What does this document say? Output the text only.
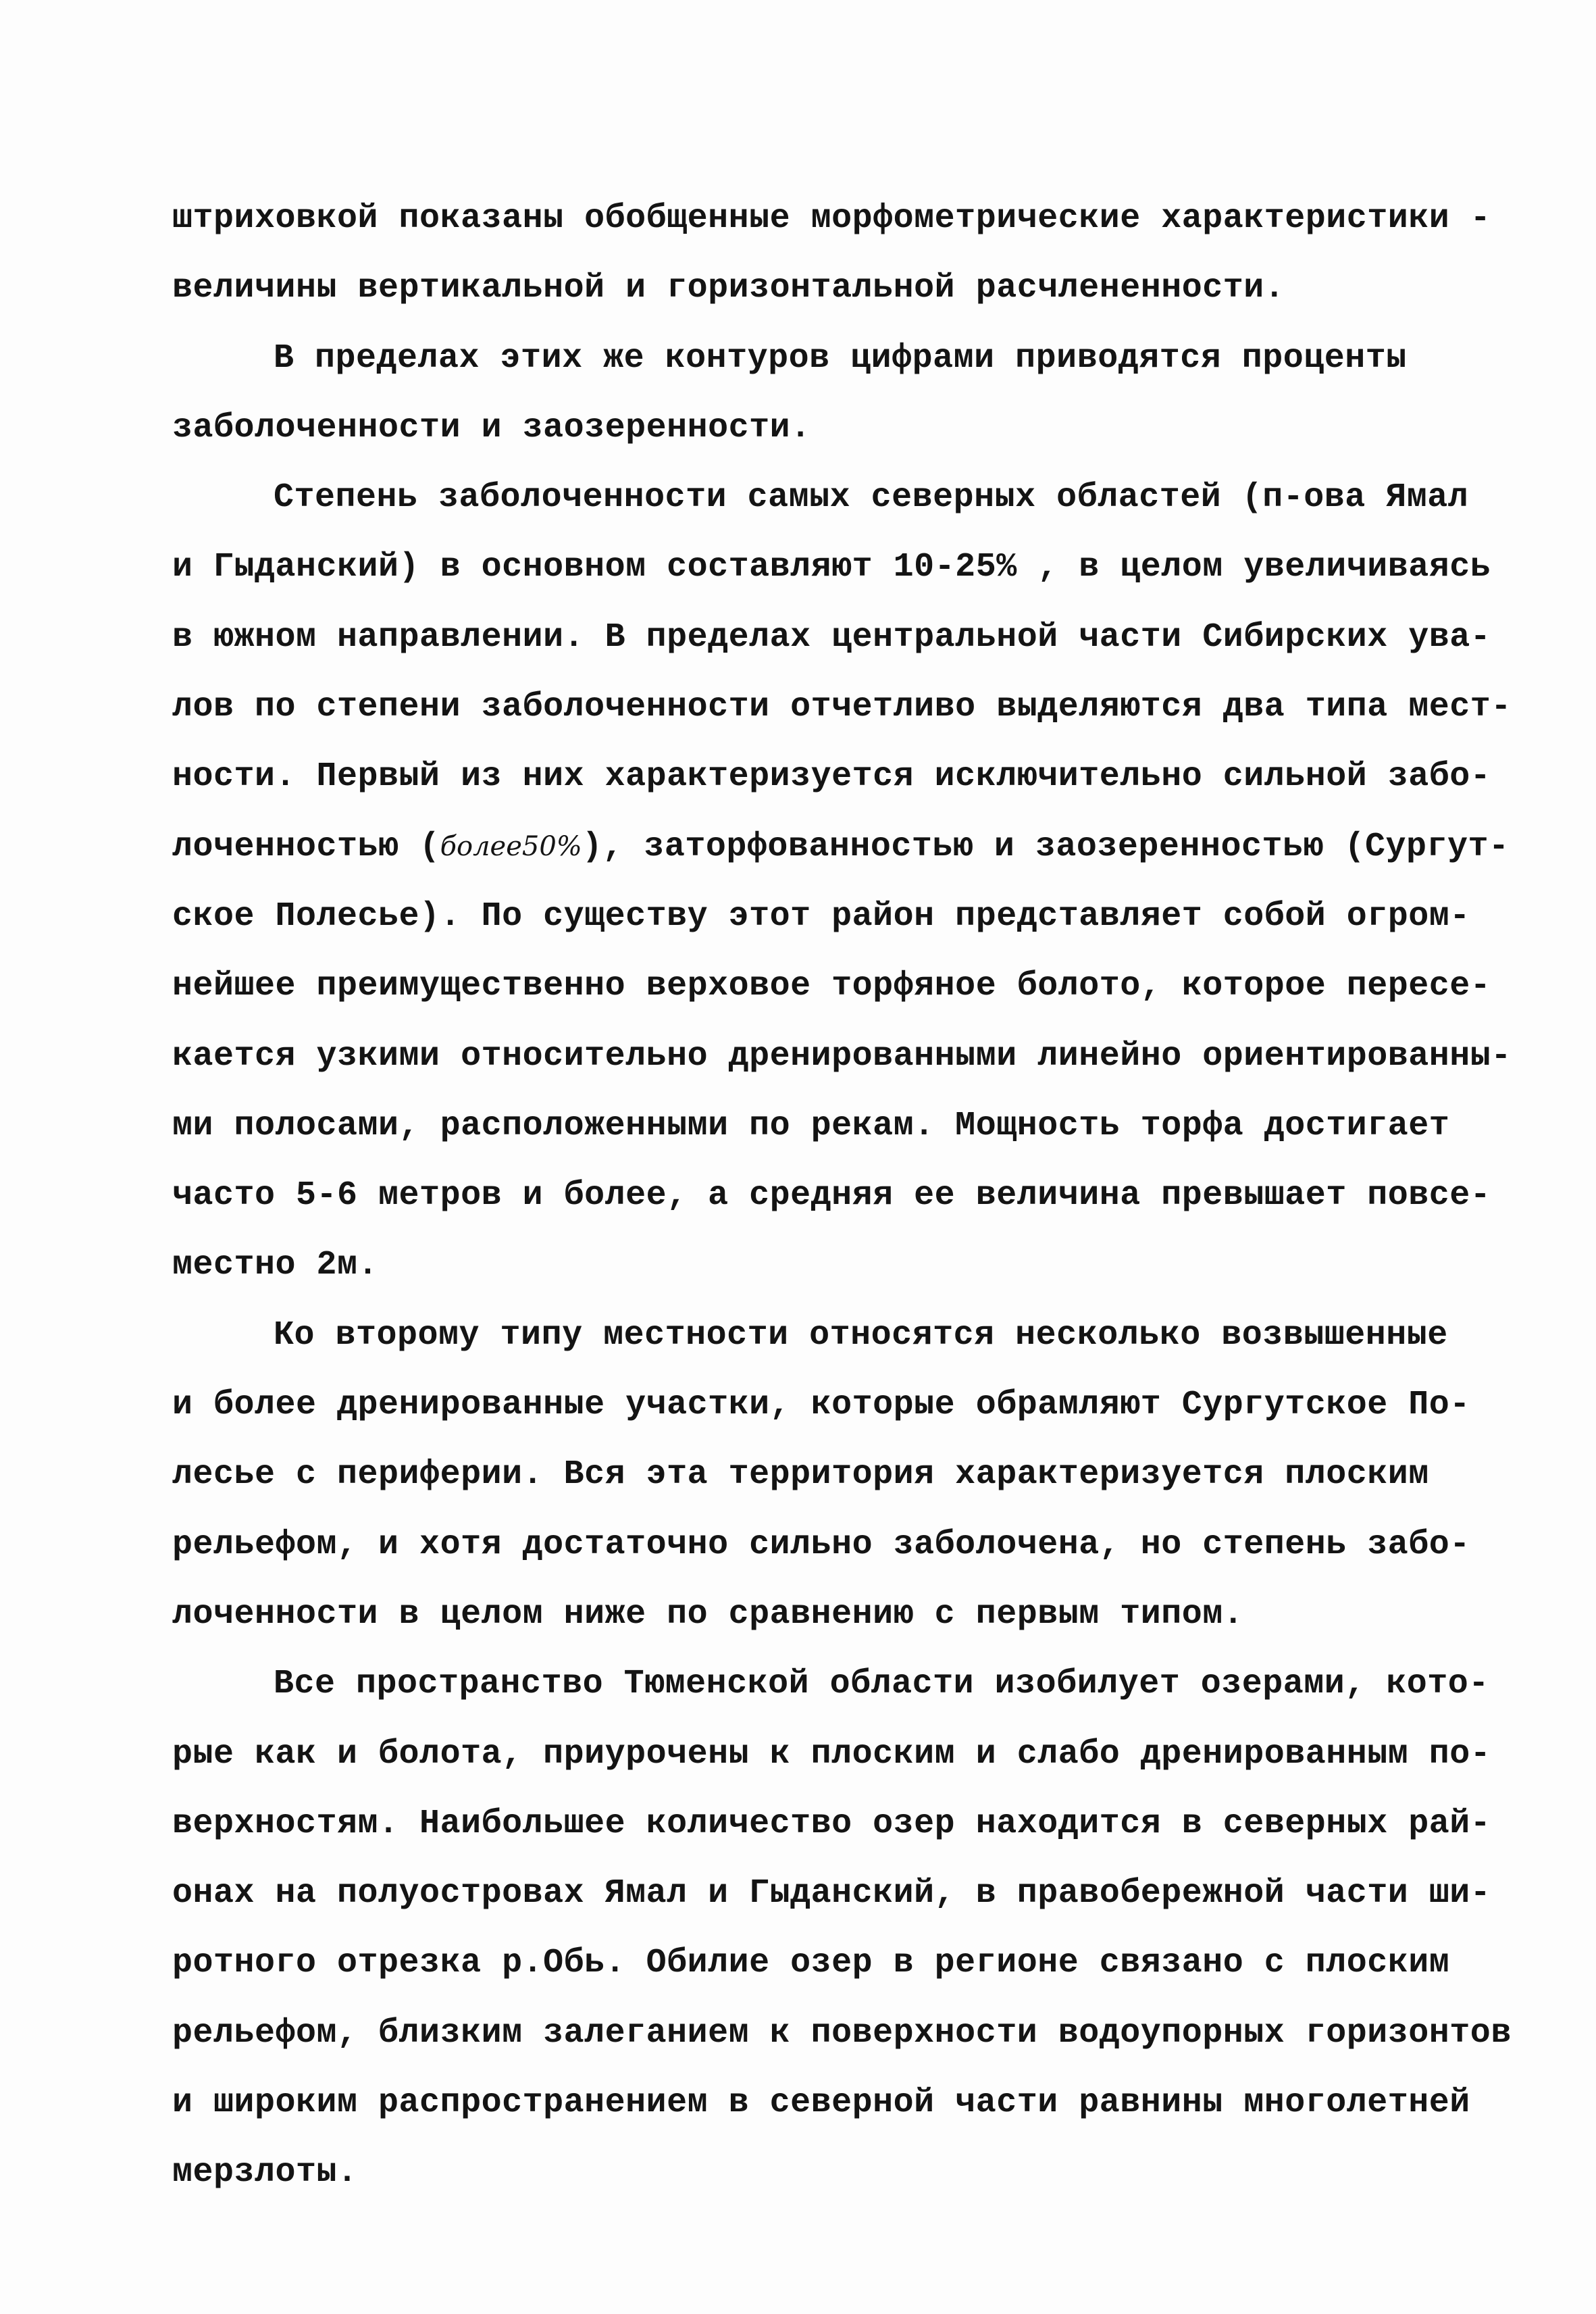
штриховкой показаны обобщенные морфометрические характеристики -
величины вертикальной и горизонтальной расчлененности.
В пределах этих же контуров цифрами приводятся проценты
заболоченности и заозеренности.
Степень заболоченности самых северных областей (п-ова Ямал
и Гыданский) в основном составляют 10-25% , в целом увеличиваясь
в южном направлении. В пределах центральной части Сибирских ува-
лов по степени заболоченности отчетливо выделяются два типа мест-
ности. Первый из них характеризуется исключительно сильной забо-
лоченностью (более50%), заторфованностью и заозеренностью (Сургут-
ское Полесье). По существу этот район представляет собой огром-
нейшее преимущественно верховое торфяное болото, которое пересе-
кается узкими относительно дренированными линейно ориентированны-
ми полосами, расположенными по рекам. Мощность торфа достигает
часто 5-6 метров и более, а средняя ее величина превышает повсе-
местно 2м.
Ко второму типу местности относятся несколько возвышенные
и более дренированные участки, которые обрамляют Сургутское По-
лесье с периферии. Вся эта территория характеризуется плоским
рельефом, и хотя достаточно сильно заболочена, но степень забо-
лоченности в целом ниже по сравнению с первым типом.
Все пространство Тюменской области изобилует озерами, кото-
рые как и болота, приурочены к плоским и слабо дренированным по-
верхностям. Наибольшее количество озер находится в северных рай-
онах на полуостровах Ямал и Гыданский, в правобережной части ши-
ротного отрезка р.Обь. Обилие озер в регионе связано с плоским
рельефом, близким залеганием к поверхности водоупорных горизонтов
и широким распространением в северной части равнины многолетней
мерзлоты.
